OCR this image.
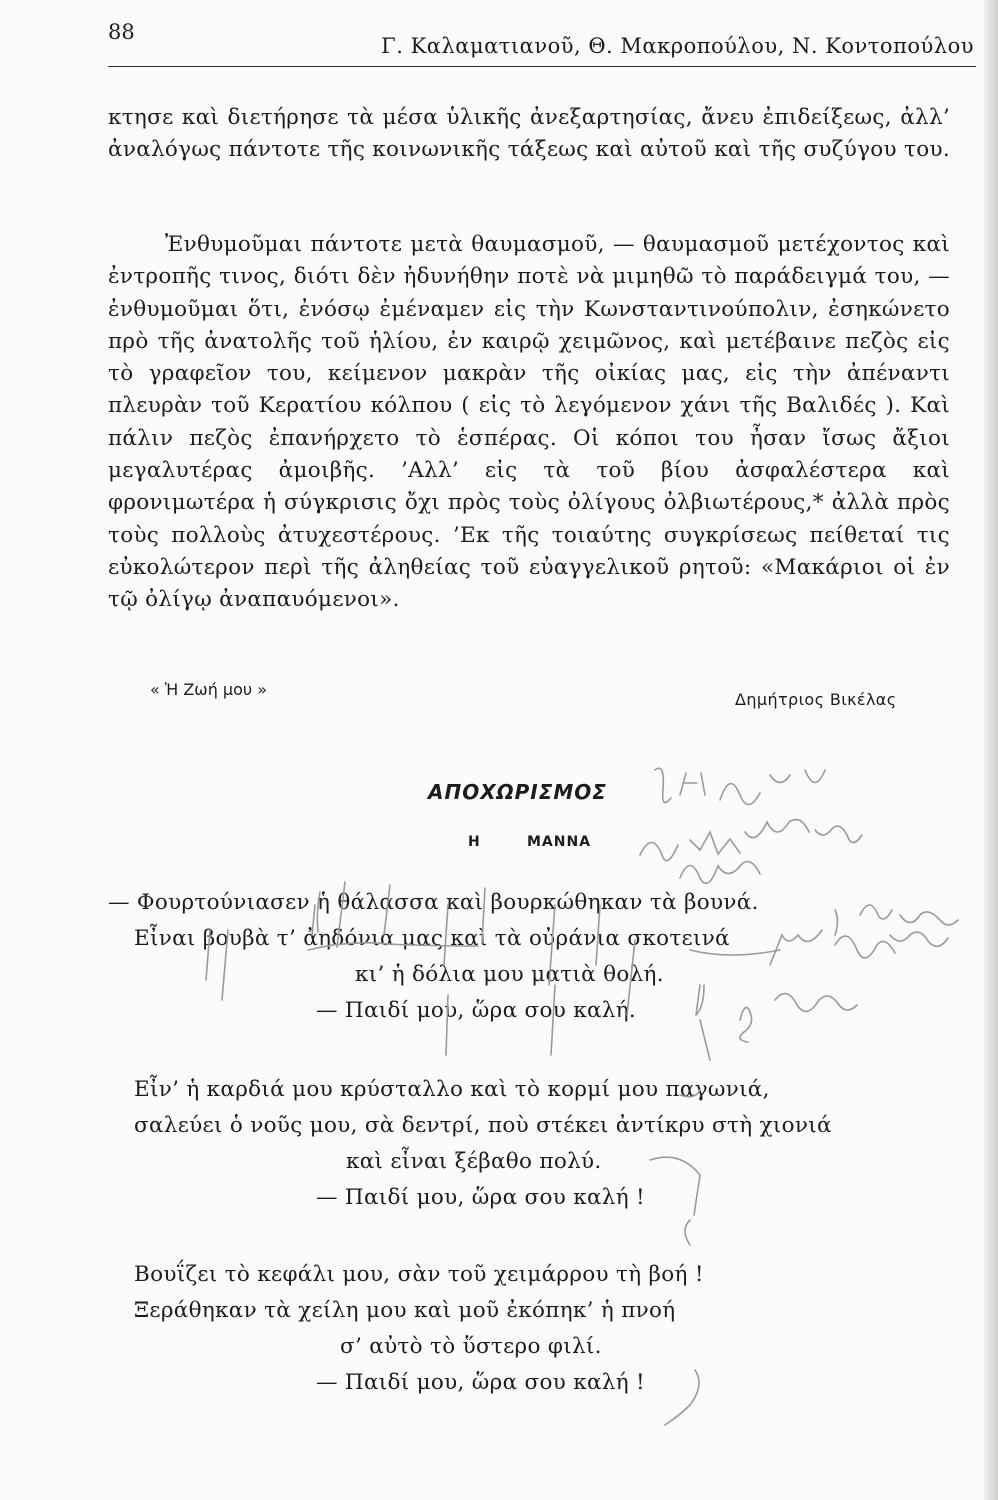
88
Γ. Καλαματιανοῦ, Θ. Μακροπούλου, Ν. Κοντοπούλου

κτησε καὶ διετήρησε τὰ μέσα ὑλικῆς ἀνεξαρτησίας, ἄνευ ἐπιδείξεως, ἀλλ’ ἀναλόγως πάντοτε τῆς κοινωνικῆς τάξεως καὶ αὐτοῦ καὶ τῆς συζύγου του.

Ἐνθυμοῦμαι πάντοτε μετὰ θαυμασμοῦ, — θαυμασμοῦ μετέχοντος καὶ ἐντροπῆς τινος, διότι δὲν ἠδυνήθην ποτὲ νὰ μιμηθῶ τὸ παράδειγμά του, — ἐνθυμοῦμαι ὅτι, ἐνόσῳ ἐμέναμεν εἰς τὴν Κωνσταντινούπολιν, ἐσηκώνετο πρὸ τῆς ἀνατολῆς τοῦ ἡλίου, ἐν καιρῷ χειμῶνος, καὶ μετέβαινε πεζὸς εἰς τὸ γραφεῖον του, κείμενον μακρὰν τῆς οἰκίας μας, εἰς τὴν ἀπέναντι πλευρὰν τοῦ Κερατίου κόλπου ( εἰς τὸ λεγόμενον χάνι τῆς Βαλιδές ). Καὶ πάλιν πεζὸς ἐπανήρχετο τὸ ἑσπέρας. Οἱ κόποι του ἦσαν ἴσως ἄξιοι μεγαλυτέρας ἀμοιβῆς. ’Αλλ’ εἰς τὰ τοῦ βίου ἀσφαλέστερα καὶ φρονιμωτέρα ἡ σύγκρισις ὄχι πρὸς τοὺς ὀλίγους ὀλβιωτέρους,* ἀλλὰ πρὸς τοὺς πολλοὺς ἀτυχεστέρους. ’Εκ τῆς τοιαύτης συγκρίσεως πείθεταί τις εὐκολώτερον περὶ τῆς ἀληθείας τοῦ εὐαγγελικοῦ ρητοῦ: «Μακάριοι οἱ ἐν τῷ ὀλίγῳ ἀναπαυόμενοι».

« Ἡ Ζωή μου »
Δημήτριος Βικέλας
ΑΠΟΧΩΡΙΣΜΟΣ
Η	ΜΑΝΝΑ
— Φουρτούνιασεν ἡ θάλασσα καὶ βουρκώθηκαν τὰ βουνά.
Εἶναι βουβὰ τ’ ἀηδόνια μας καὶ τὰ οὐράνια σκοτεινά
κι’ ἡ δόλια μου ματιὰ θολή.
— Παιδί μου, ὥρα σου καλή.
Εἶν’ ἡ καρδιά μου κρύσταλλο καὶ τὸ κορμί μου παγωνιά,
σαλεύει ὁ νοῦς μου, σὰ δεντρί, ποὺ στέκει ἀντίκρυ στὴ χιονιά
καὶ εἶναι ξέβαθο πολύ.
— Παιδί μου, ὥρα σου καλή !
Βουΐζει τὸ κεφάλι μου, σὰν τοῦ χειμάρρου τὴ βοή !
Ξεράθηκαν τὰ χείλη μου καὶ μοῦ ἐκόπηκ’ ἡ πνοή
σ’ αὐτὸ τὸ ὕστερο φιλί.
— Παιδί μου, ὥρα σου καλή !
